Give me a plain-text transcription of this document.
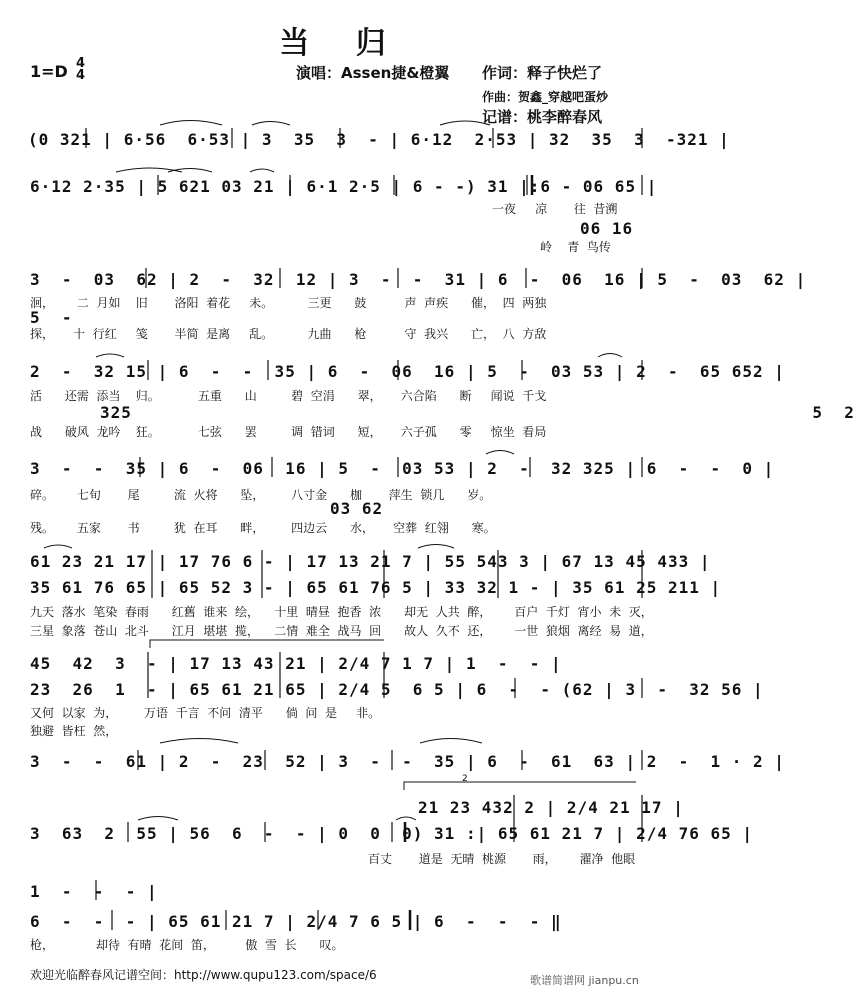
当 归
1=D 4
4	演唱：Assen捷&橙翼 作词：释子快烂了
作曲：贺鑫_穿越吧蛋炒
记谱：桃李醉春风
(0 321 | 6·56  6·53 | 3  35  3  - | 6·12  2·53 | 32  35  3  -321 |
6·12 2·35 | 5 621 03 21 | 6·1 2·5 | 6 - -) 31 |:6 - 06 65 |
一夜     凉       往  昔溯
06 16
岭    青  鸟传
3  -  03  62 | 2  -  32  12 | 3  -  -  31 | 6  -  06  16 | 5  -  03  62 |
洄，      二  月如    旧       洛阳  着花     未。         三更      鼓          声  声疾      催，  四  两独
5  -
探，     十  行红     笺       半简  是离     乱。         九曲      枪          守  我兴      亡，  八  方敌
2  -  32 15 | 6  -  -  35 | 6  -  06  16 | 5  -  03 53 | 2  -  65 652 |
活      还需  添当    归。          五重      山         碧  空涓      翠，     六合陷      断     闻说  千戈
325                                                                5  2
战      破风  龙吟    狂。          七弦      罢         调  错词      短，     六子孤      零     惊坐  看局
3  -  -  35 | 6  -  06  16 | 5  -  03 53 | 2  -  32 325 | 6  -  -  0 |
碎。      七旬       尾         流  火将      坠，       八寸金      枷       萍生  锁几      岁。
03 62
残。      五家       书         犹  在耳      畔，       四边云      水，     空葬  红翎      寒。
61 23 21 17 | 17 76 6 - | 17 13 21 7 | 55 543 3 | 67 13 45 433 |
35 61 76 65 | 65 52 3 - | 65 61 76 5 | 33 32 1 - | 35 61 25 211 |
九天  落水  笔染  春雨      红舊  谁来  绘，    十里  晴昼  抱香  浓      却无  人共  醉，      百户  千灯  宵小  未  灭，
三星  象落  苍山  北斗      江月  堪堪  揽，    二情  难全  战马  回      故人  久不  还，      一世  狼烟  离经  易  道，
45  42  3  - | 17 13 43 21 | 2/4 7 1 7 | 1  -  - |
23  26  1  - | 65 61 21 65 | 2/4 5  6 5 | 6  -  - (62 | 3  -  32 56 |
又何  以家  为，       万语  千言  不问  清平      倘  问  是     非。
独避  皆枉  然，
3  -  -  61 | 2  -  23  52 | 3  -  -  35 | 6  -  61  63 | 2  -  1 · 2 |
2
21 23 432 2 | 2/4 21 17 |
3  63  2  55 | 56  6  -  - | 0  0  0) 31 :| 65 61 21 7 | 2/4 76 65 |
百丈       道是  无晴  桃源       雨，      濯净  他眼
1  -  -  - |
6  -  -  - | 65 61 21 7 | 2/4 7 6 5 | 6  -  -  - ‖
枪，           却待  有晴  花间  笛，        傲  雪  长      叹。
欢迎光临醉春风记谱空间：http://www.qupu123.com/space/6	歌谱简谱网 jianpu.cn
